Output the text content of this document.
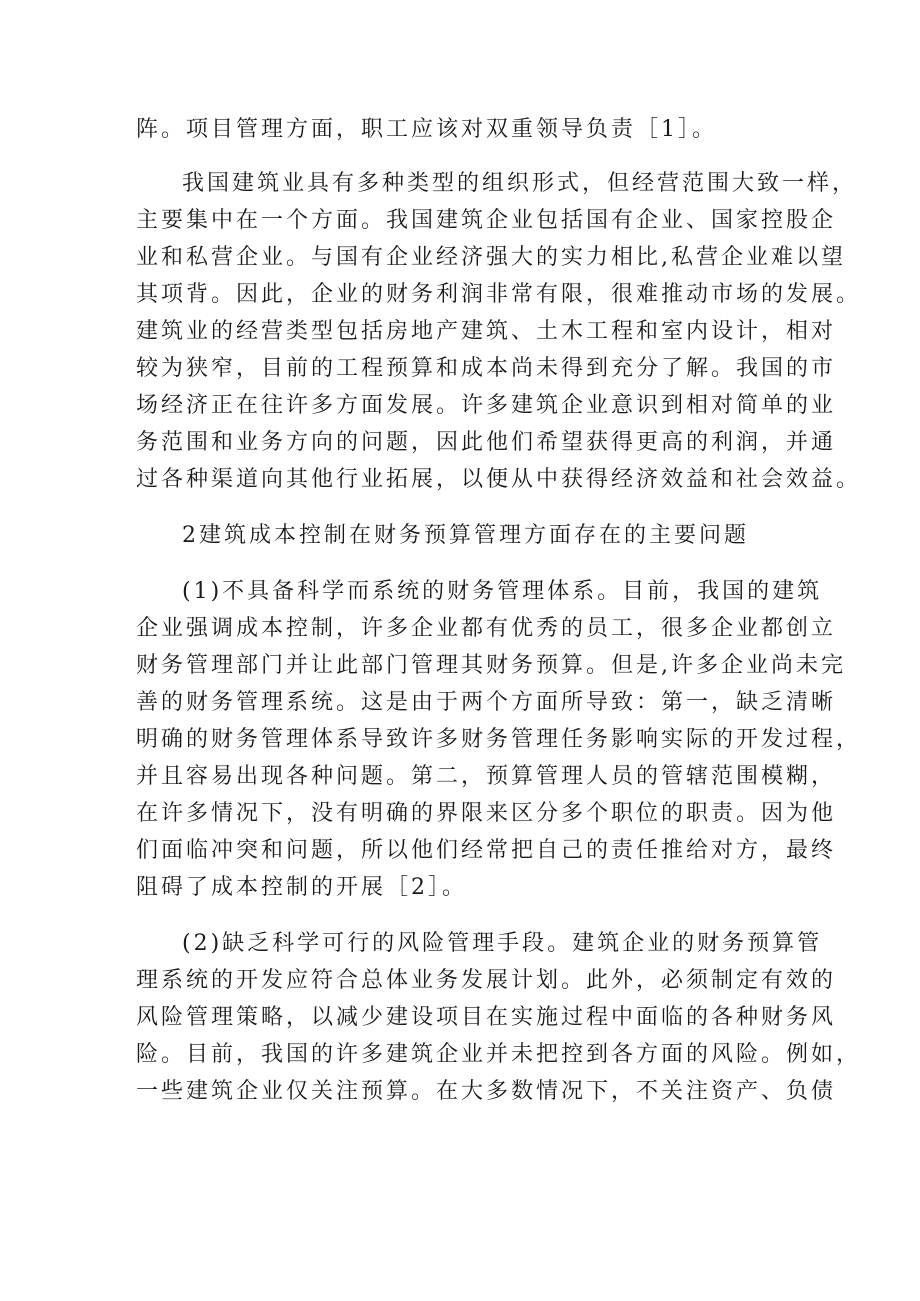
阵。项目管理方面，职工应该对双重领导负责［1］。
我国建筑业具有多种类型的组织形式，但经营范围大致一样，
主要集中在一个方面。我国建筑企业包括国有企业、国家控股企
业和私营企业。与国有企业经济强大的实力相比,私营企业难以望
其项背。因此，企业的财务利润非常有限，很难推动市场的发展。
建筑业的经营类型包括房地产建筑、土木工程和室内设计，相对
较为狭窄，目前的工程预算和成本尚未得到充分了解。我国的市
场经济正在往许多方面发展。许多建筑企业意识到相对简单的业
务范围和业务方向的问题，因此他们希望获得更高的利润，并通
过各种渠道向其他行业拓展，以便从中获得经济效益和社会效益。
2建筑成本控制在财务预算管理方面存在的主要问题
(1)不具备科学而系统的财务管理体系。目前，我国的建筑
企业强调成本控制，许多企业都有优秀的员工，很多企业都创立
财务管理部门并让此部门管理其财务预算。但是,许多企业尚未完
善的财务管理系统。这是由于两个方面所导致：第一，缺乏清晰
明确的财务管理体系导致许多财务管理任务影响实际的开发过程，
并且容易出现各种问题。第二，预算管理人员的管辖范围模糊，
在许多情况下，没有明确的界限来区分多个职位的职责。因为他
们面临冲突和问题，所以他们经常把自己的责任推给对方，最终
阻碍了成本控制的开展［2］。
(2)缺乏科学可行的风险管理手段。建筑企业的财务预算管
理系统的开发应符合总体业务发展计划。此外，必须制定有效的
风险管理策略，以减少建设项目在实施过程中面临的各种财务风
险。目前，我国的许多建筑企业并未把控到各方面的风险。例如，
一些建筑企业仅关注预算。在大多数情况下，不关注资产、负债
